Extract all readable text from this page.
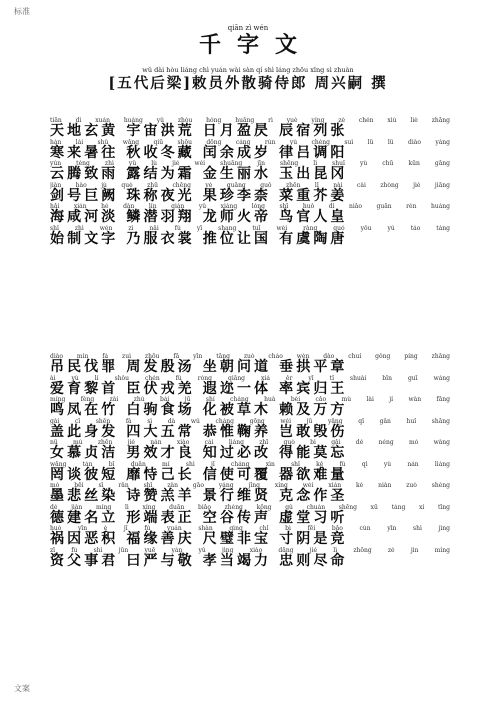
标准
qiān zì wén
千字文
wǔ dài hòu liáng chì yuán wài sàn qí shì láng zhōu xīng sì zhuàn
[五代后梁]敕员外散骑侍郎 周兴嗣 撰
tiān dì xuán huáng yǔ zhòu hóng huāng rì yuè yíng zè chén xiù liè zhāng
天地玄黄 宇宙洪荒 日月盈昃 辰宿列张
hán lái shǔ wǎng qiū shōu dōng cáng rùn yú chéng suì lǜ lǚ diào yáng
寒来暑往 秋收冬藏 闰余成岁 律吕调阳
yún téng zhì yǔ lù jié wéi shuāng jīn shēng lì shuǐ yù chū kūn gāng
云腾致雨 露结为霜 金生丽水 玉出昆冈
jiàn hào jù què zhū chēng yè guāng guǒ zhēn lǐ nài cài zhòng jiè jiāng
剑号巨阙 珠称夜光 果珍李柰 菜重芥姜
hǎi xián hé dàn lín qián yǔ xiáng lóng shī huǒ dì niǎo guān rén huáng
海咸河淡 鳞潜羽翔 龙师火帝 鸟官人皇
shǐ zhì wén zì nǎi fú yī shang tuī wèi ràng guó yǒu yú táo táng
始制文字 乃服衣裳 推位让国 有虞陶唐
diào mín fá zuì zhōu fā yīn tāng zuò cháo wèn dào chuí gǒng píng zhāng
吊民伐罪 周发殷汤 坐朝问道 垂拱平章
ài yù lí shǒu chén fú róng qiāng xiá ěr yī tǐ shuài bīn guī wáng
爱育黎首 臣伏戎羌 遐迩一体 率宾归王
míng fèng zài zhú bái jū shí cháng huà bèi cǎo mù lài jí wàn fāng
鸣凤在竹 白驹食场 化被草木 赖及万方
gài cǐ shēn fà sì dà wǔ cháng gōng wéi jū yǎng qǐ gǎn huǐ shāng
盖此身发 四大五常 恭惟鞠养 岂敢毁伤
nǚ mù zhēn jié nán xiào cái liáng zhī guò bì gǎi dé néng mò wàng
女慕贞洁 男效才良 知过必改 得能莫忘
wǎng tán bǐ duǎn mí shì jǐ cháng xìn shǐ kě fù qì yù nán liáng
罔谈彼短 靡恃己长 信使可覆 器欲难量
mò bēi sī rǎn shī zàn gāo yáng jǐng xíng wéi xián kè niàn zuò shèng
墨悲丝染 诗赞羔羊 景行维贤 克念作圣
dé jiàn míng lì xíng duān biǎo zhèng kōng gǔ chuán shēng xū táng xí tīng
德建名立 形端表正 空谷传声 虚堂习听
huò yīn è jī fú yuán shàn qìng chǐ bì fēi bǎo cùn yīn shì jìng
祸因恶积 福缘善庆 尺璧非宝 寸阴是竞
zī fù shì jūn yuē yán yǔ jìng xiào dāng jié lì zhōng zé jìn mìng
资父事君 曰严与敬 孝当竭力 忠则尽命
文案
